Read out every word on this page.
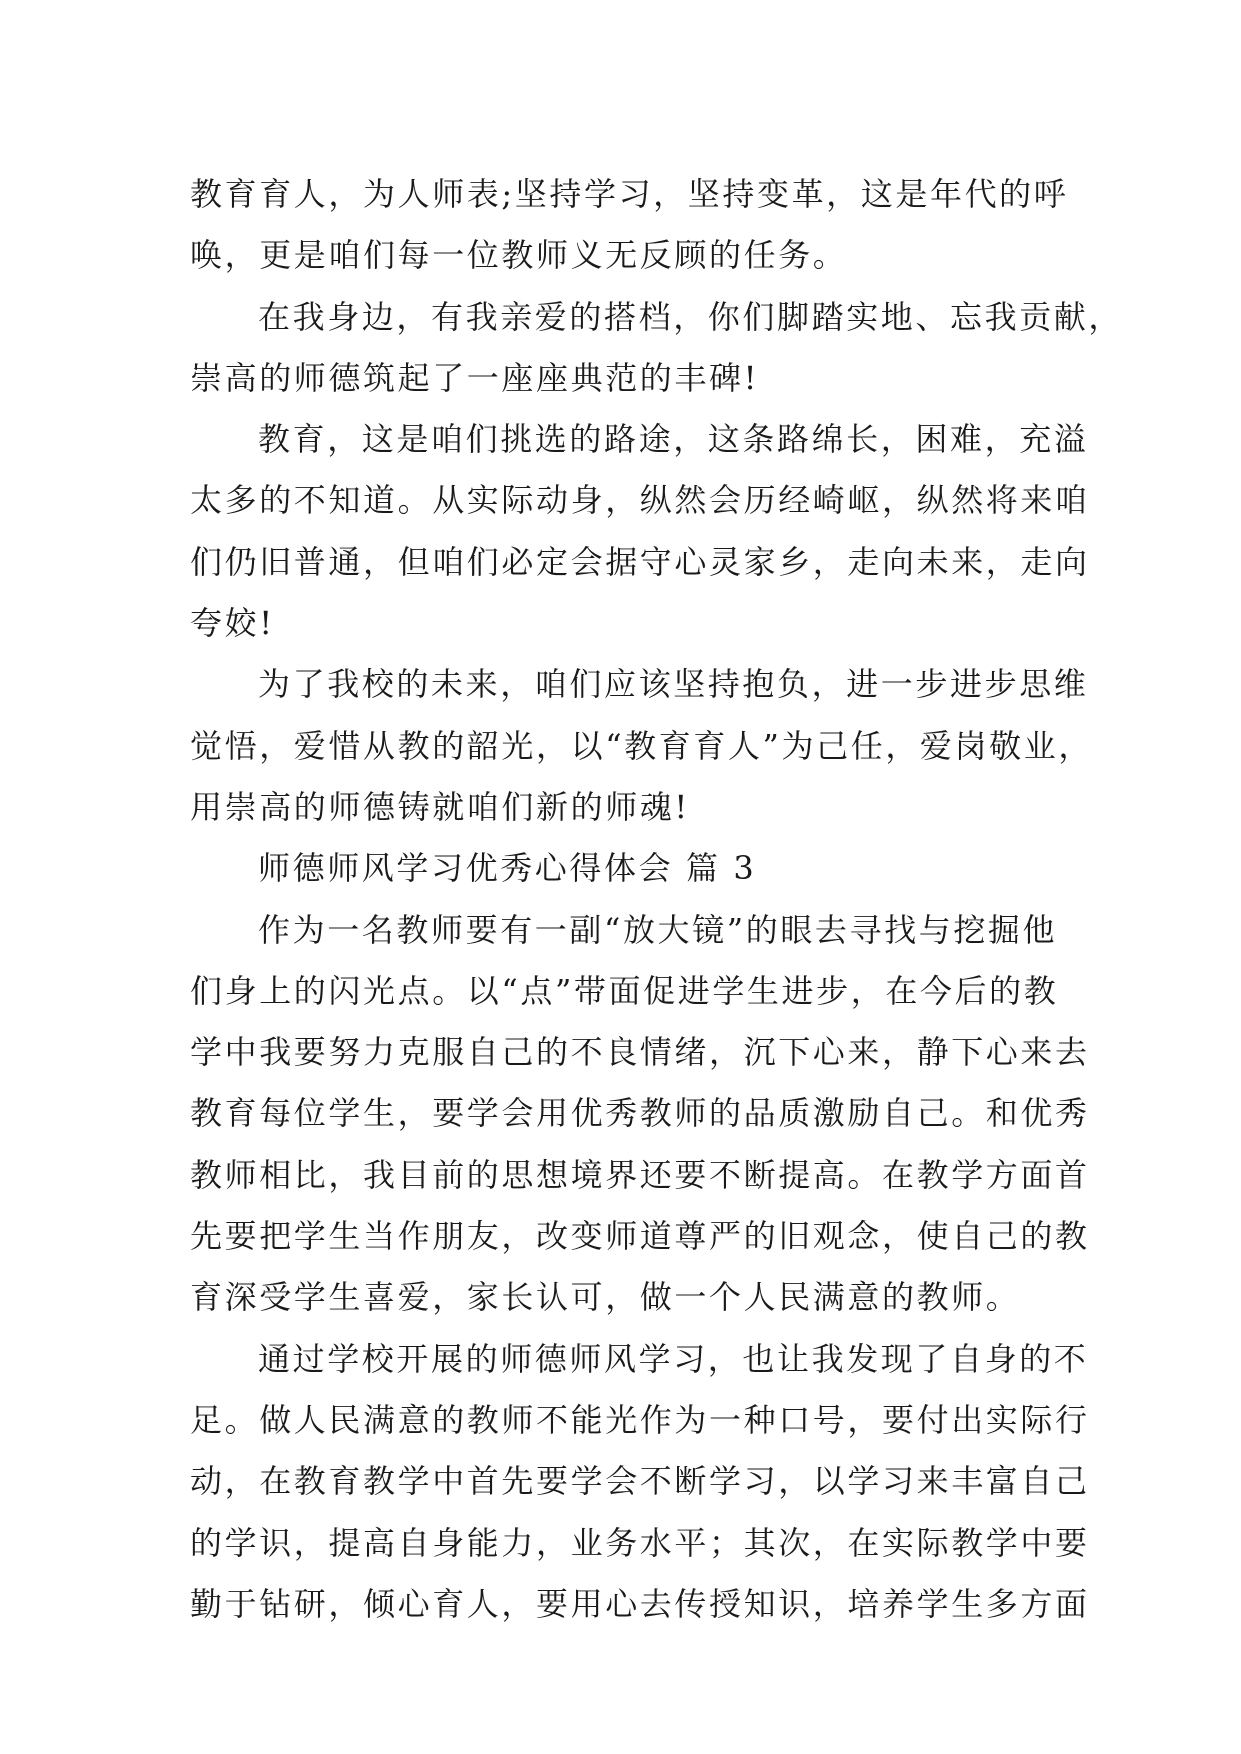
教育育人，为人师表;坚持学习，坚持变革，这是年代的呼
唤，更是咱们每一位教师义无反顾的任务。
在我身边，有我亲爱的搭档，你们脚踏实地、忘我贡献，
崇高的师德筑起了一座座典范的丰碑!
教育，这是咱们挑选的路途，这条路绵长，困难，充溢
太多的不知道。从实际动身，纵然会历经崎岖，纵然将来咱
们仍旧普通，但咱们必定会据守心灵家乡，走向未来，走向
夸姣!
为了我校的未来，咱们应该坚持抱负，进一步进步思维
觉悟，爱惜从教的韶光，以“教育育人”为己任，爱岗敬业，
用崇高的师德铸就咱们新的师魂!
师德师风学习优秀心得体会 篇 3
作为一名教师要有一副“放大镜”的眼去寻找与挖掘他
们身上的闪光点。以“点”带面促进学生进步，在今后的教
学中我要努力克服自己的不良情绪，沉下心来，静下心来去
教育每位学生，要学会用优秀教师的品质激励自己。和优秀
教师相比，我目前的思想境界还要不断提高。在教学方面首
先要把学生当作朋友，改变师道尊严的旧观念，使自己的教
育深受学生喜爱，家长认可，做一个人民满意的教师。
通过学校开展的师德师风学习，也让我发现了自身的不
足。做人民满意的教师不能光作为一种口号，要付出实际行
动，在教育教学中首先要学会不断学习，以学习来丰富自己
的学识，提高自身能力，业务水平；其次，在实际教学中要
勤于钻研，倾心育人，要用心去传授知识，培养学生多方面
